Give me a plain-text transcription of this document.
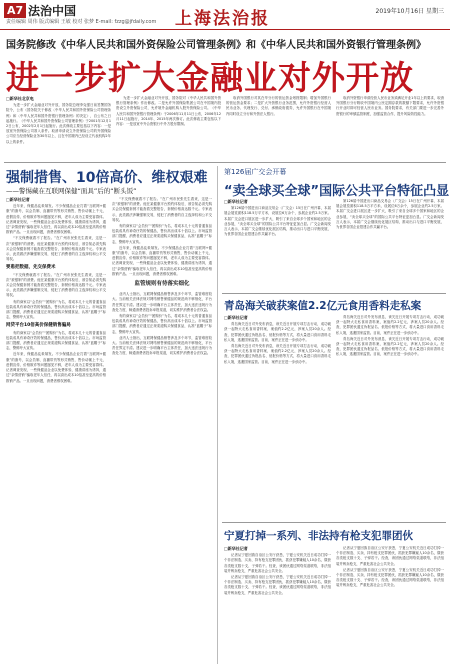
A7 法治中国
责任编辑 周伟 版式编辑 王敏 校对 张梦 E-mail: fzzg@jfdaily.com 上海法治报	2019年10月16日 星期三
国务院修改《中华人民共和国外资保险公司管理条例》和《中华人民共和国外资银行管理条例》
进一步扩大金融业对外开放
□新华社北京电

为进一步扩大金融业对外开放，国务院总理李克强日前签署国务院令，公布《国务院关于修改〈中华人民共和国外资保险公司管理条例〉和〈中华人民共和国外资银行管理条例〉的决定》，自公布之日起施行。《中华人民共和国外资保险公司管理条例》于2001年12月12日公布，2002年2月1日起施行。此次修改主要包括以下内容：一是放宽外资保险公司准入条件。取消申请设立外资保险公司的外国保险公司应当经营保险业务30年以上、且在中国境内已经设立代表机构2年以上的条件。

为进一步扩大金融业对外开放，国务院对《中华人民共和国外资银行管理条例》作出修改。二是允许外国保险集团公司在中国境内投资设立外资保险公司，允许境外金融机构入股外资保险公司。《中华人民共和国外资银行管理条例》于2006年11月11日公布，2006年12月11日起施行，2014年、2015年两次修订。此次修改主要包括以下内容：一是放宽中外合资银行中外方股东限制。

取消外国银行对其在华分行的营运资金划拨限制；增加外国银行的营运资金要求；二是扩大外资银行业务范围，允许外资银行经营人民币业务、代理发行、兑付、承销政府债券，允许外国银行在中国境内同时设立分行和外资法人银行。

取消外资银行申请经营人民币业务须满足开业1年以上的要求，取消外国银行分行吸收中国境内公民定期存款的数额下限要求，允许外资银行开业时即可经营人民币业务。国务院要求，有关部门要进一步完善外资银行的审慎监管制度，加强监管合作，提升风险防控能力。

强制措售、10倍高价、维权艰难
——警惕藏在互联网保健“面具”后的“断头饭”
□新华社记者

近年来，保健品乱象频发。不少保健品企业打着“互联网+健康”的旗号，以会员制、直播带货等形式销售，售价动辄上千元，虚假宣传、价格欺诈等问题屡见不鲜，老年人成为主要受害群体。记者调查发现，一些保健品企业以免费体验、健康讲座为诱饵，通过“亲情营销”骗取老年人信任，再以高出成本10倍甚至更高的价格推销产品。一旦出现问题，消费者维权困难。

“不交保费就看不了报告。”在广州市民张先生看来，这是一次“被强制”的消费。他在某健康平台预约体检后，被告知必须先购买会员保健套餐才能查看完整报告，套餐价格高达数千元。专家表示，此类做法涉嫌强制交易，侵犯了消费者的自主选择权和公平交易权。

要患把数据，先交保费米

“不交保费就看不了报告。”在广州市民张先生看来，这是一次“被强制”的消费。他在某健康平台预约体检后，被告知必须先购买会员保健套餐才能查看完整报告，套餐价格高达数千元。专家表示，此类做法涉嫌强制交易，侵犯了消费者的自主选择权和公平交易权。

有的商家以“会员价”“团购价”为名，将成本几十元的普通食品包装成具有神奇疗效的保健品，售价高出成本十倍以上。市场监管部门提醒，消费者应通过正规渠道购买保健食品，认准“蓝帽子”标志，警惕夸大宣传。

网贷平台10倍高价保健销售骗局

有的商家以“会员价”“团购价”为名，将成本几十元的普通食品包装成具有神奇疗效的保健品，售价高出成本十倍以上。市场监管部门提醒，消费者应通过正规渠道购买保健食品，认准“蓝帽子”标志，警惕夸大宣传。

近年来，保健品乱象频发。不少保健品企业打着“互联网+健康”的旗号，以会员制、直播带货等形式销售，售价动辄上千元，虚假宣传、价格欺诈等问题屡见不鲜，老年人成为主要受害群体。记者调查发现，一些保健品企业以免费体验、健康讲座为诱饵，通过“亲情营销”骗取老年人信任，再以高出成本10倍甚至更高的价格推销产品。一旦出现问题，消费者维权困难。

“不交保费就看不了报告。”在广州市民张先生看来，这是一次“被强制”的消费。他在某健康平台预约体检后，被告知必须先购买会员保健套餐才能查看完整报告，套餐价格高达数千元。专家表示，此类做法涉嫌强制交易，侵犯了消费者的自主选择权和公平交易权。

有的商家以“会员价”“团购价”为名，将成本几十元的普通食品包装成具有神奇疗效的保健品，售价高出成本十倍以上。市场监管部门提醒，消费者应通过正规渠道购买保健食品，认准“蓝帽子”标志，警惕夸大宣传。

近年来，保健品乱象频发。不少保健品企业打着“互联网+健康”的旗号，以会员制、直播带货等形式销售，售价动辄上千元，虚假宣传、价格欺诈等问题屡见不鲜，老年人成为主要受害群体。记者调查发现，一些保健品企业以免费体验、健康讲座为诱饵，通过“亲情营销”骗取老年人信任，再以高出成本10倍甚至更高的价格推销产品。一旦出现问题，消费者维权困难。

监管规则有待落实细化

业内人士指出，互联网保健品销售涉及多个环节，监管难度较大。当前相关法律法规对网络销售保健品的规范尚不够细化，平台责任界定不清。建议进一步明确平台主体责任，加大违法违规行为查处力度，畅通消费者投诉举报渠道，切实维护消费者合法权益。

有的商家以“会员价”“团购价”为名，将成本几十元的普通食品包装成具有神奇疗效的保健品，售价高出成本十倍以上。市场监管部门提醒，消费者应通过正规渠道购买保健食品，认准“蓝帽子”标志，警惕夸大宣传。

业内人士指出，互联网保健品销售涉及多个环节，监管难度较大。当前相关法律法规对网络销售保健品的规范尚不够细化，平台责任界定不清。建议进一步明确平台主体责任，加大违法违规行为查处力度，畅通消费者投诉举报渠道，切实维护消费者合法权益。

第126届广交会开幕
“卖全球买全球”国际公共平台特征凸显
□新华社记者

第126届中国进出口商品交易会（广交会）15日在广州开幕，本届展会展览面积118.5万平方米，设展位6万余个，参展企业约2.5万家。本届广交会进口展区进一步扩大，吸引了来自全球多个国家和地区的企业参展，“卖全球买全球”的国际公共平台特征更加凸显。广交会新闻发言人表示，本届广交会继续优化展区结构，推动出口与进口平衡发展，为世界各国企业搭建合作共赢平台。

第126届中国进出口商品交易会（广交会）15日在广州开幕，本届展会展览面积118.5万平方米，设展位6万余个，参展企业约2.5万家。本届广交会进口展区进一步扩大，吸引了来自全球多个国家和地区的企业参展，“卖全球买全球”的国际公共平台特征更加凸显。广交会新闻发言人表示，本届广交会继续优化展区结构，推动出口与进口平衡发展，为世界各国企业搭建合作共赢平台。

青岛海关破获案值2.2亿元食用香料走私案
□新华社记者

青岛海关近日对外发布消息，该关近日开展专项打击行动，成功破获一起特大走私食用香料案，案值约2.2亿元，涉案人员20余人。经查，犯罪团伙通过伪报品名、低报价格等方式，将大量进口食用香料走私入境，逃避国家监管。目前，案件正在进一步侦办中。

青岛海关近日对外发布消息，该关近日开展专项打击行动，成功破获一起特大走私食用香料案，案值约2.2亿元，涉案人员20余人。经查，犯罪团伙通过伪报品名、低报价格等方式，将大量进口食用香料走私入境，逃避国家监管。目前，案件正在进一步侦办中。

青岛海关近日对外发布消息，该关近日开展专项打击行动，成功破获一起特大走私食用香料案，案值约2.2亿元，涉案人员20余人。经查，犯罪团伙通过伪报品名、低报价格等方式，将大量进口食用香料走私入境，逃避国家监管。目前，案件正在进一步侦办中。

青岛海关近日对外发布消息，该关近日开展专项打击行动，成功破获一起特大走私食用香料案，案值约2.2亿元，涉案人员20余人。经查，犯罪团伙通过伪报品名、低报价格等方式，将大量进口食用香料走私入境，逃避国家监管。目前，案件正在进一步侦办中。

宁夏打掉一系列、非法持有枪支犯罪团伙
□新华社记者

记者从宁夏回族自治区公安厅获悉，宁夏公安机关近日成功打掉一个非法制造、买卖、持有枪支犯罪团伙，抓获犯罪嫌疑人10余名，缴获各类枪支数十支、子弹若干。经查，该团伙通过网络渠道联络，非法组装并贩卖枪支，严重危害社会公共安全。

记者从宁夏回族自治区公安厅获悉，宁夏公安机关近日成功打掉一个非法制造、买卖、持有枪支犯罪团伙，抓获犯罪嫌疑人10余名，缴获各类枪支数十支、子弹若干。经查，该团伙通过网络渠道联络，非法组装并贩卖枪支，严重危害社会公共安全。

记者从宁夏回族自治区公安厅获悉，宁夏公安机关近日成功打掉一个非法制造、买卖、持有枪支犯罪团伙，抓获犯罪嫌疑人10余名，缴获各类枪支数十支、子弹若干。经查，该团伙通过网络渠道联络，非法组装并贩卖枪支，严重危害社会公共安全。

记者从宁夏回族自治区公安厅获悉，宁夏公安机关近日成功打掉一个非法制造、买卖、持有枪支犯罪团伙，抓获犯罪嫌疑人10余名，缴获各类枪支数十支、子弹若干。经查，该团伙通过网络渠道联络，非法组装并贩卖枪支，严重危害社会公共安全。
